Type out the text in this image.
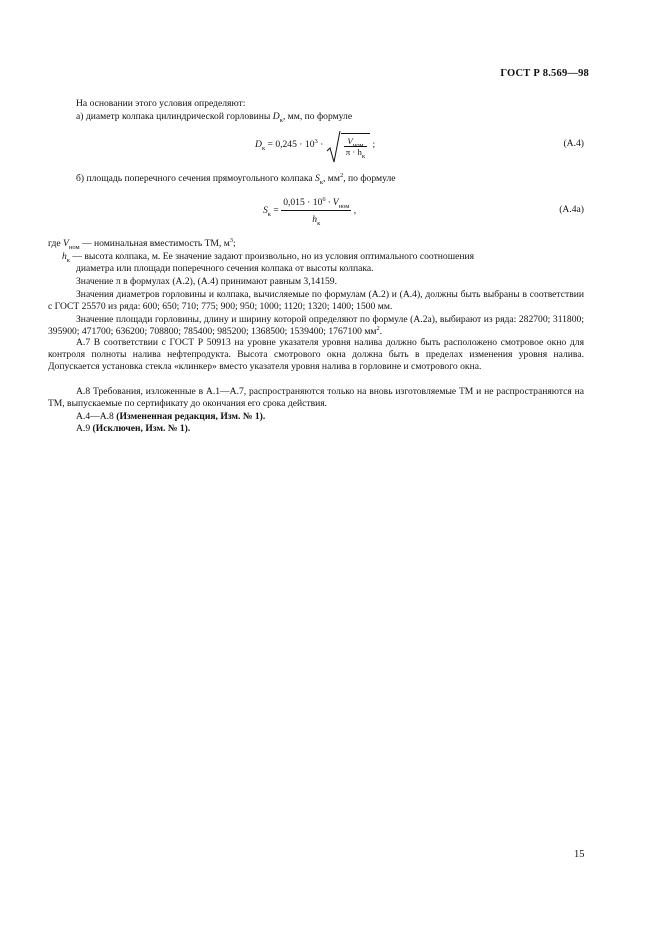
ГОСТ Р 8.569—98
На основании этого условия определяют:
а) диаметр колпака цилиндрической горловины $D_к$, мм, по формуле
$D_к = 0,245 \cdot 10^3 \cdot \frac{V_{ном}}{\pi \cdot h_к}$ ;	(А.4)
б) площадь поперечного сечения прямоугольного колпака $S_к$, $мм^2$, по формуле
$S_к = \frac{0,015 \cdot 10^6 \cdot V_{ном}}{h_к}$ ,	(А.4а)
где $V_{ном}$ — номинальная вместимость ТМ, $м^3$;
$h_к$ — высота колпака, м. Ее значение задают произвольно, но из условия оптимального соотношения
диаметра или площади поперечного сечения колпака от высоты колпака.
Значение π в формулах (А.2), (А.4) принимают равным 3,14159.
Значения диаметров горловины и колпака, вычисляемые по формулам (А.2) и (А.4), должны быть выбраны в соответствии с ГОСТ 25570 из ряда: 600; 650; 710; 775; 900; 950; 1000; 1120; 1320; 1400; 1500 мм.
Значение площади горловины, длину и ширину которой определяют по формуле (А.2а), выбирают из ряда: 282700; 311800; 395900; 471700; 636200; 708800; 785400; 985200; 1368500; 1539400; 1767100 $мм^2$.
А.7 В соответствии с ГОСТ Р 50913 на уровне указателя уровня налива должно быть расположено смотровое окно для контроля полноты налива нефтепродукта. Высота смотрового окна должна быть в пределах изменения уровня налива. Допускается установка стекла «клинкер» вместо указателя уровня налива в горловине и смотрового окна.
А.8 Требования, изложенные в А.1—А.7, распространяются только на вновь изготовляемые ТМ и не распространяются на ТМ, выпускаемые по сертификату до окончания его срока действия.
А.4—А.8 (Измененная редакция, Изм. № 1).
А.9 (Исключен, Изм. № 1).
15
